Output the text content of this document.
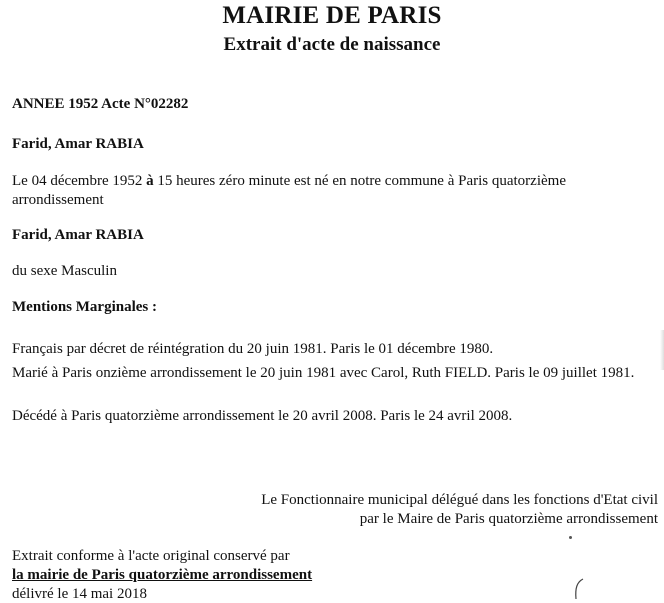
MAIRIE DE PARIS
Extrait d'acte de naissance
ANNEE 1952 Acte N°02282
Farid, Amar RABIA
Le 04 décembre 1952 à 15 heures zéro minute est né en notre commune à Paris quatorzième arrondissement
Farid, Amar RABIA
du sexe Masculin
Mentions Marginales :
Français par décret de réintégration du 20 juin 1981. Paris le 01 décembre 1980.
Marié à Paris onzième arrondissement le 20 juin 1981 avec Carol, Ruth FIELD. Paris le 09 juillet 1981.
Décédé à Paris quatorzième arrondissement le 20 avril 2008. Paris le 24 avril 2008.
Le Fonctionnaire municipal délégué dans les fonctions d'Etat civil
par le Maire de Paris quatorzième arrondissement
Extrait conforme à l'acte original conservé par
la mairie de Paris quatorzième arrondissement
délivré le 14 mai 2018
